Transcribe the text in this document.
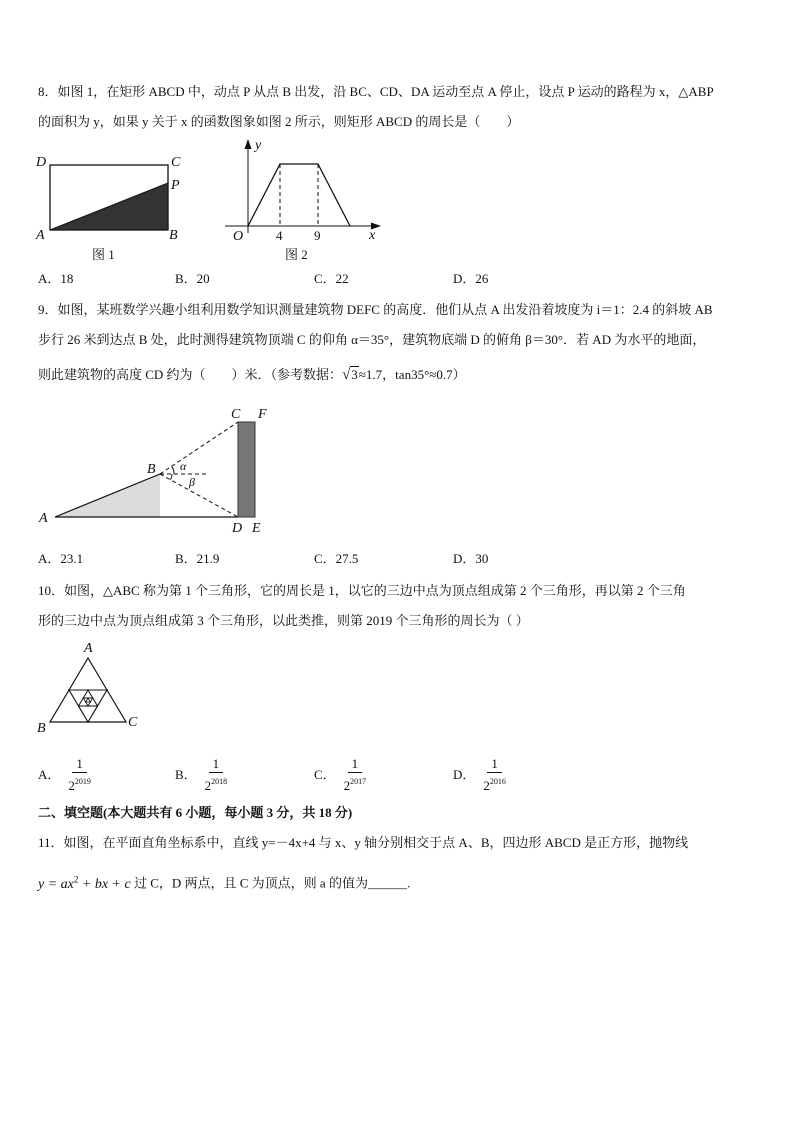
8．如图 1，在矩形 ABCD 中，动点 P 从点 B 出发，沿 BC、CD、DA 运动至点 A 停止，设点 P 运动的路程为 x，△ABP
的面积为 y，如果 y 关于 x 的函数图象如图 2 所示，则矩形 ABCD 的周长是（　　）
D	C
P
A	B
图 1
y
x
O	4 9
图 2
A．18	B．20	C．22	D．26
9．如图，某班数学兴趣小组利用数学知识测量建筑物 DEFC 的高度．他们从点 A 出发沿着坡度为 i＝1：2.4 的斜坡 AB
步行 26 米到达点 B 处，此时测得建筑物顶端 C 的仰角 α＝35°，建筑物底端 D 的俯角 β＝30°．若 AD 为水平的地面，
则此建筑物的高度 CD 约为（　　）米．（参考数据：√3≈1.7，tan35°≈0.7）
C F
A
B
D E
α
β
A．23.1	B．21.9	C．27.5	D．30
10．如图，△ABC 称为第 1 个三角形，它的周长是 1，以它的三边中点为顶点组成第 2 个三角形，再以第 2 个三角
形的三边中点为顶点组成第 3 个三角形，以此类推，则第 2019 个三角形的周长为（ ）
A
B	C
A． $\frac{1}{2^{2019}}$	B． $\frac{1}{2^{2018}}$	C． $\frac{1}{2^{2017}}$	D． $\frac{1}{2^{2016}}$
二、填空题(本大题共有 6 小题，每小题 3 分，共 18 分)
11．如图，在平面直角坐标系中，直线 y=－4x+4 与 x、y 轴分别相交于点 A、B，四边形 ABCD 是正方形，抛物线
$y = ax^2$ + bx + c 过 C，D 两点，且 C 为顶点，则 a 的值为______.
